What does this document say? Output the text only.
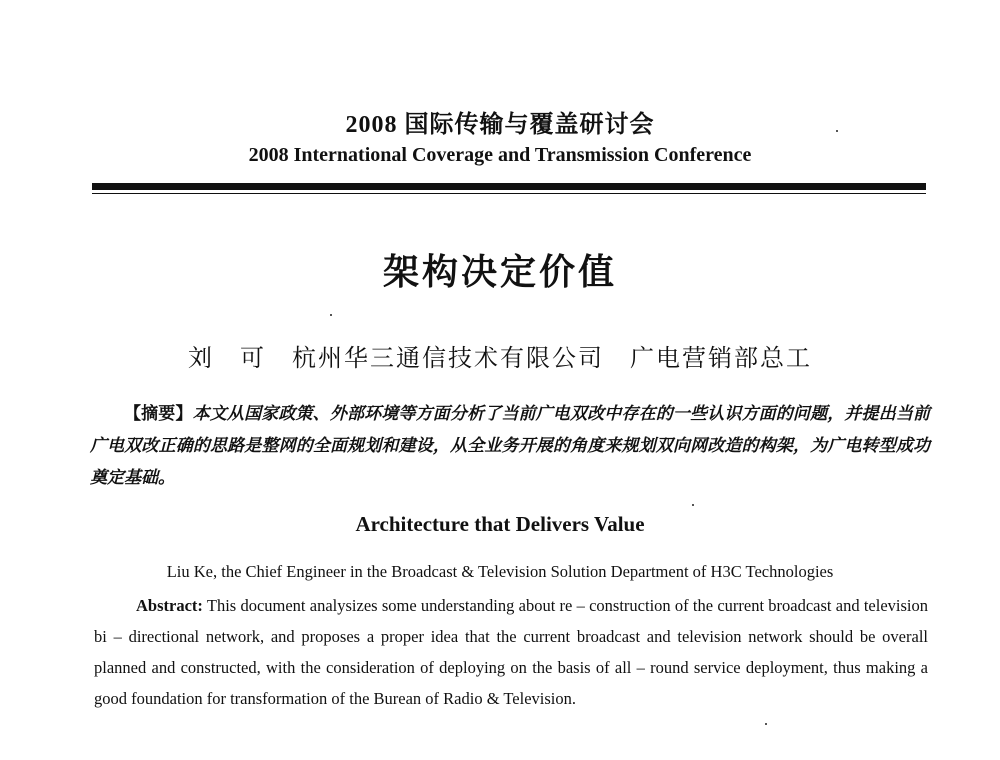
2008 国际传输与覆盖研讨会
2008 International Coverage and Transmission Conference
架构决定价值
刘　可　杭州华三通信技术有限公司　广电营销部总工
【摘要】本文从国家政策、外部环境等方面分析了当前广电双改中存在的一些认识方面的问题，并提出当前广电双改正确的思路是整网的全面规划和建设，从全业务开展的角度来规划双向网改造的构架，为广电转型成功奠定基础。
Architecture that Delivers Value
Liu Ke, the Chief Engineer in the Broadcast & Television Solution Department of H3C Technologies
Abstract: This document analysizes some understanding about re – construction of the current broadcast and television bi – directional network, and proposes a proper idea that the current broadcast and television network should be overall planned and constructed, with the consideration of deploying on the basis of all – round service deployment, thus making a good foundation for transformation of the Burean of Radio & Television.
